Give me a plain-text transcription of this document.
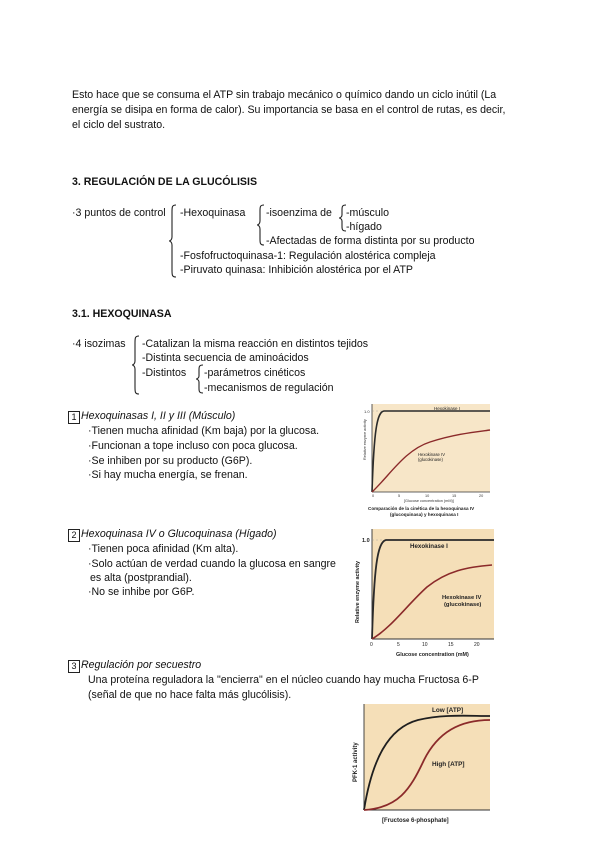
Esto hace que se consuma el ATP sin trabajo mecánico o químico dando un ciclo inútil (La
energía se disipa en forma de calor). Su importancia se basa en el control de rutas, es decir,
el ciclo del sustrato.
3. REGULACIÓN DE LA GLUCÓLISIS
·3 puntos de control -Hexoquinasa -isoenzima de -músculo
-hígado
-Afectadas de forma distinta por su producto
-Fosfofructoquinasa-1: Regulación alostérica compleja
-Piruvato quinasa: Inhibición alostérica por el ATP
3.1. HEXOQUINASA
·4 isozimas -Catalizan la misma reacción en distintos tejidos
-Distinta secuencia de aminoácidos
-Distintos -parámetros cinéticos
-mecanismos de regulación
1 Hexoquinasas I, II y III (Músculo)
·Tienen mucha afinidad (Km baja) por la glucosa.
·Funcionan a tope incluso con poca glucosa.
·Se inhiben por su producto (G6P).
·Si hay mucha energía, se frenan.
1.0
Hexokinase I
Hexokinase IV
(glucokinase)
Relative enzyme activity
0	5	10	15	20
[Glucose concentration (mM)]
Comparación de la cinética de la hexoquinasa IV
(glucoquinasa) y hexoquinasa I
2 Hexoquinasa IV o Glucoquinasa (Hígado)
·Tienen poca afinidad (Km alta).
·Solo actúan de verdad cuando la glucosa en sangre
es alta (postprandial).
·No se inhibe por G6P.
1.0
Hexokinase I
Hexokinase IV
(glucokinase)
Relative enzyme activity
0	5	10	15	20
Glucose concentration (mM)
3 Regulación por secuestro
Una proteína reguladora la "encierra" en el núcleo cuando hay mucha Fructosa 6-P
(señal de que no hace falta más glucólisis).
Low [ATP]
High [ATP]
PFK-1 activity
[Fructose 6-phosphate]
